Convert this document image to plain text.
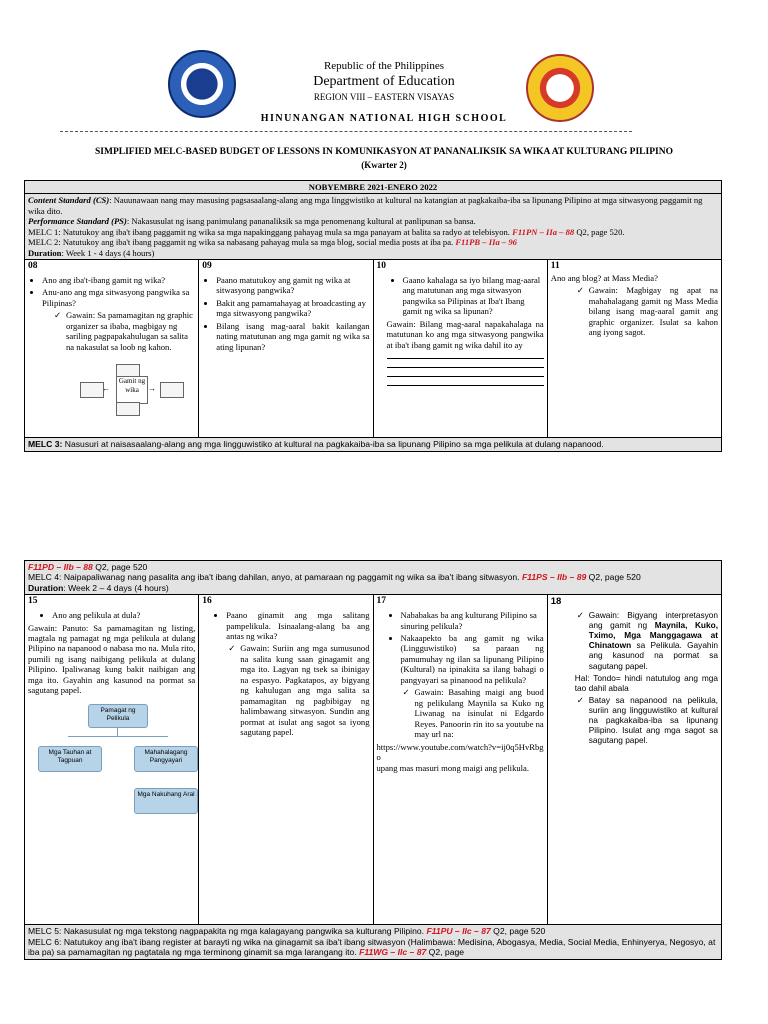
Republic of the Philippines
Department of Education
REGION VIII – EASTERN VISAYAS
HINUNANGAN NATIONAL HIGH SCHOOL
SIMPLIFIED MELC-BASED BUDGET OF LESSONS IN KOMUNIKASYON AT PANANALIKSIK SA WIKA AT KULTURANG PILIPINO
(Kwarter 2)
NOBYEMBRE 2021-ENERO 2022
Content Standard (CS): Nauunawaan nang may masusing pagsasaalang-alang ang mga linggwistiko at kultural na katangian at pagkakaiba-iba sa lipunang Pilipino at mga sitwasyong paggamit ng wika dito.
Performance Standard (PS): Nakasusulat ng isang panimulang pananaliksik sa mga penomenang kultural at panlipunan sa bansa.
MELC 1: Natutukoy ang iba't ibang paggamit ng wika sa mga napakinggang pahayag mula sa mga panayam at balita sa radyo at telebisyon. F11PN – IIa – 88 Q2, page 520.
MELC 2: Natutukoy ang iba't ibang paggamit ng wika sa nabasang pahayag mula sa mga blog, social media posts at iba pa. F11PB – IIa – 96
Duration: Week 1 - 4 days (4 hours)

08
• Ano ang iba't-ibang gamit ng wika?
• Anu-ano ang mga sitwasyong pangwika sa Pilipinas?
✓ Gawain: Sa pamamagitan ng graphic organizer sa ibaba, magbigay ng sariling pagpapakahulugan sa salita na nakasulat sa loob ng kahon.
Gamit ng wika
←	→

09
• Paano matutukoy ang gamit ng wika at sitwasyong pangwika?
• Bakit ang pamamahayag at broadcasting ay mga sitwasyong pangwika?
• Bilang isang mag-aaral bakit kailangan nating matutunan ang mga gamit ng wika sa ating lipunan?

10
• Gaano kahalaga sa iyo bilang mag-aaral ang matutunan ang mga sitwasyon pangwika sa Pilipinas at Iba't Ibang gamit ng wika sa lipunan?
Gawain: Bilang mag-aaral napakahalaga na matutunan ko ang mga sitwasyong pangwika at iba't ibang gamit ng wika dahil ito ay

11
Ano ang blog? at Mass Media?
✓ Gawain: Magbigay ng apat na mahahalagang gamit ng Mass Media bilang isang mag-aaral gamit ang graphic organizer. Isulat sa kahon ang iyong sagot.

MELC 3: Nasusuri at naisasaalang-alang ang mga lingguwistiko at kultural na pagkakaiba-iba sa lipunang Pilipino sa mga pelikula at dulang napanood.
F11PD – IIb – 88 Q2, page 520
MELC 4: Naipapaliwanag nang pasalita ang iba't ibang dahilan, anyo, at pamaraan ng paggamit ng wika sa iba't ibang sitwasyon. F11PS – IIb – 89 Q2, page 520
Duration: Week 2 – 4 days (4 hours)

15
• Ano ang pelikula at dula?
Gawain: Panuto: Sa pamamagitan ng listing, magtala ng pamagat ng mga pelikula at dulang Pilipino na napanood o nabasa mo na. Mula rito, pumili ng isang naibigang pelikula at dulang Pilipino. Ipaliwanag kung bakit naibigan ang mga ito. Gayahin ang kasunod na pormat sa sagutang papel.
Pamagat ng Pelikula
Mga Tauhan at Tagpuan
Mahahalagang Pangyayari
Mga Nakuhang Aral

16
• Paano ginamit ang mga salitang pampelikula. Isinaalang-alang ba ang antas ng wika?
✓ Gawain: Suriin ang mga sumusunod na salita kung saan ginagamit ang mga ito. Lagyan ng tsek sa ibinigay na espasyo. Pagkatapos, ay bigyang ng kahulugan ang mga salita sa pamamagitan ng pagbibigay ng halimbawang sitwasyon. Sundin ang pormat at isulat ang sagot sa iyong sagutang papel.

17
• Nababakas ba ang kulturang Pilipino sa sinuring pelikula?
• Nakaapekto ba ang gamit ng wika (Lingguwistiko) sa paraan ng pamumuhay ng ilan sa lipunang Pilipino (Kultural) na ipinakita sa ilang bahagi o pangyayari sa pinanood na pelikula?
✓ Gawain: Basahing maigi ang buod ng pelikulang Maynila sa Kuko ng Liwanag na isinulat ni Edgardo Reyes. Panoorin rin ito sa youtube na may url na:
https://www.youtube.com/watch?v=ij0q5HvRbgo
upang mas masuri mong maigi ang pelikula.

18
✓ Gawain: Bigyang interpretasyon ang gamit ng Maynila, Kuko, Tximo, Mga Manggagawa at Chinatown sa Pelikula. Gayahin ang kasunod na pormat sa sagutang papel.
Hal: Tondo= hindi natutulog ang mga tao dahil abala
✓ Batay sa napanood na pelikula, suriin ang lingguwistiko at kultural na pagkakaiba-iba sa lipunang Pilipino. Isulat ang mga sagot sa sagutang papel.

MELC 5: Nakasusulat ng mga tekstong nagpapakita ng mga kalagayang pangwika sa kulturang Pilipino. F11PU – IIc – 87 Q2, page 520
MELC 6: Natutukoy ang iba't ibang register at barayti ng wika na ginagamit sa iba't ibang sitwasyon (Halimbawa: Medisina, Abogasya, Media, Social Media, Enhinyerya, Negosyo, at iba pa) sa pamamagitan ng pagtatala ng mga terminong ginamit sa mga larangang ito. F11WG – IIc – 87 Q2, page
